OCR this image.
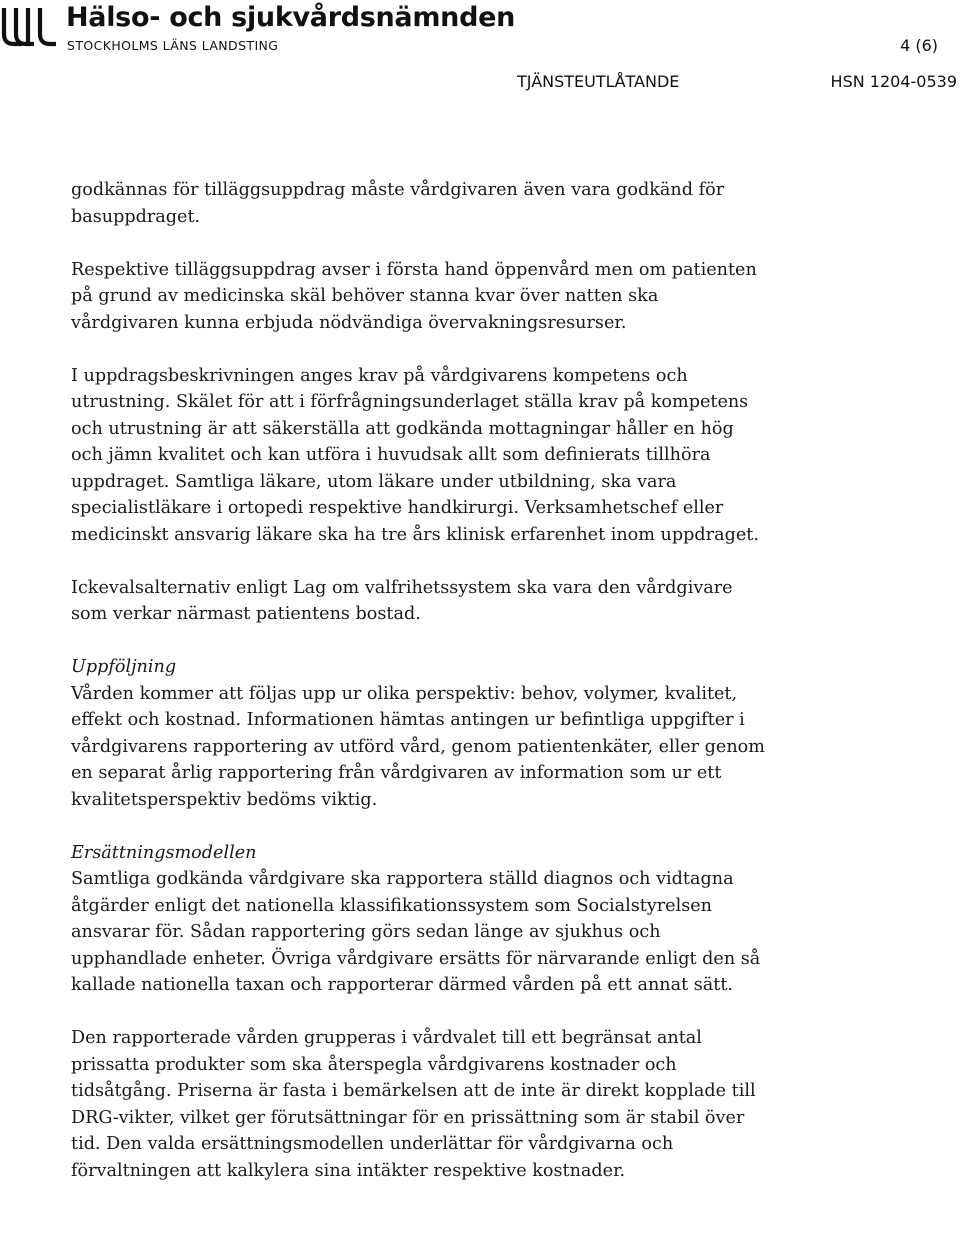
Hälso- och sjukvårdsnämnden
STOCKHOLMS LÄNS LANDSTING	4 (6)
TJÄNSTEUTLÅTANDE	HSN 1204-0539

godkännas för tilläggsuppdrag måste vårdgivaren även vara godkänd för basuppdraget.

Respektive tilläggsuppdrag avser i första hand öppenvård men om patienten på grund av medicinska skäl behöver stanna kvar över natten ska vårdgivaren kunna erbjuda nödvändiga övervakningsresurser.

I uppdragsbeskrivningen anges krav på vårdgivarens kompetens och utrustning. Skälet för att i förfrågningsunderlaget ställa krav på kompetens och utrustning är att säkerställa att godkända mottagningar håller en hög och jämn kvalitet och kan utföra i huvudsak allt som definierats tillhöra uppdraget. Samtliga läkare, utom läkare under utbildning, ska vara specialistläkare i ortopedi respektive handkirurgi. Verksamhetschef eller medicinskt ansvarig läkare ska ha tre års klinisk erfarenhet inom uppdraget.

Ickevalsalternativ enligt Lag om valfrihetssystem ska vara den vårdgivare som verkar närmast patientens bostad.

Uppföljning
Vården kommer att följas upp ur olika perspektiv: behov, volymer, kvalitet, effekt och kostnad. Informationen hämtas antingen ur befintliga uppgifter i vårdgivarens rapportering av utförd vård, genom patientenkäter, eller genom en separat årlig rapportering från vårdgivaren av information som ur ett kvalitetsperspektiv bedöms viktig.

Ersättningsmodellen
Samtliga godkända vårdgivare ska rapportera ställd diagnos och vidtagna åtgärder enligt det nationella klassifikationssystem som Socialstyrelsen ansvarar för. Sådan rapportering görs sedan länge av sjukhus och upphandlade enheter. Övriga vårdgivare ersätts för närvarande enligt den så kallade nationella taxan och rapporterar därmed vården på ett annat sätt.

Den rapporterade vården grupperas i vårdvalet till ett begränsat antal prissatta produkter som ska återspegla vårdgivarens kostnader och tidsåtgång. Priserna är fasta i bemärkelsen att de inte är direkt kopplade till DRG-vikter, vilket ger förutsättningar för en prissättning som är stabil över tid. Den valda ersättningsmodellen underlättar för vårdgivarna och förvaltningen att kalkylera sina intäkter respektive kostnader.
